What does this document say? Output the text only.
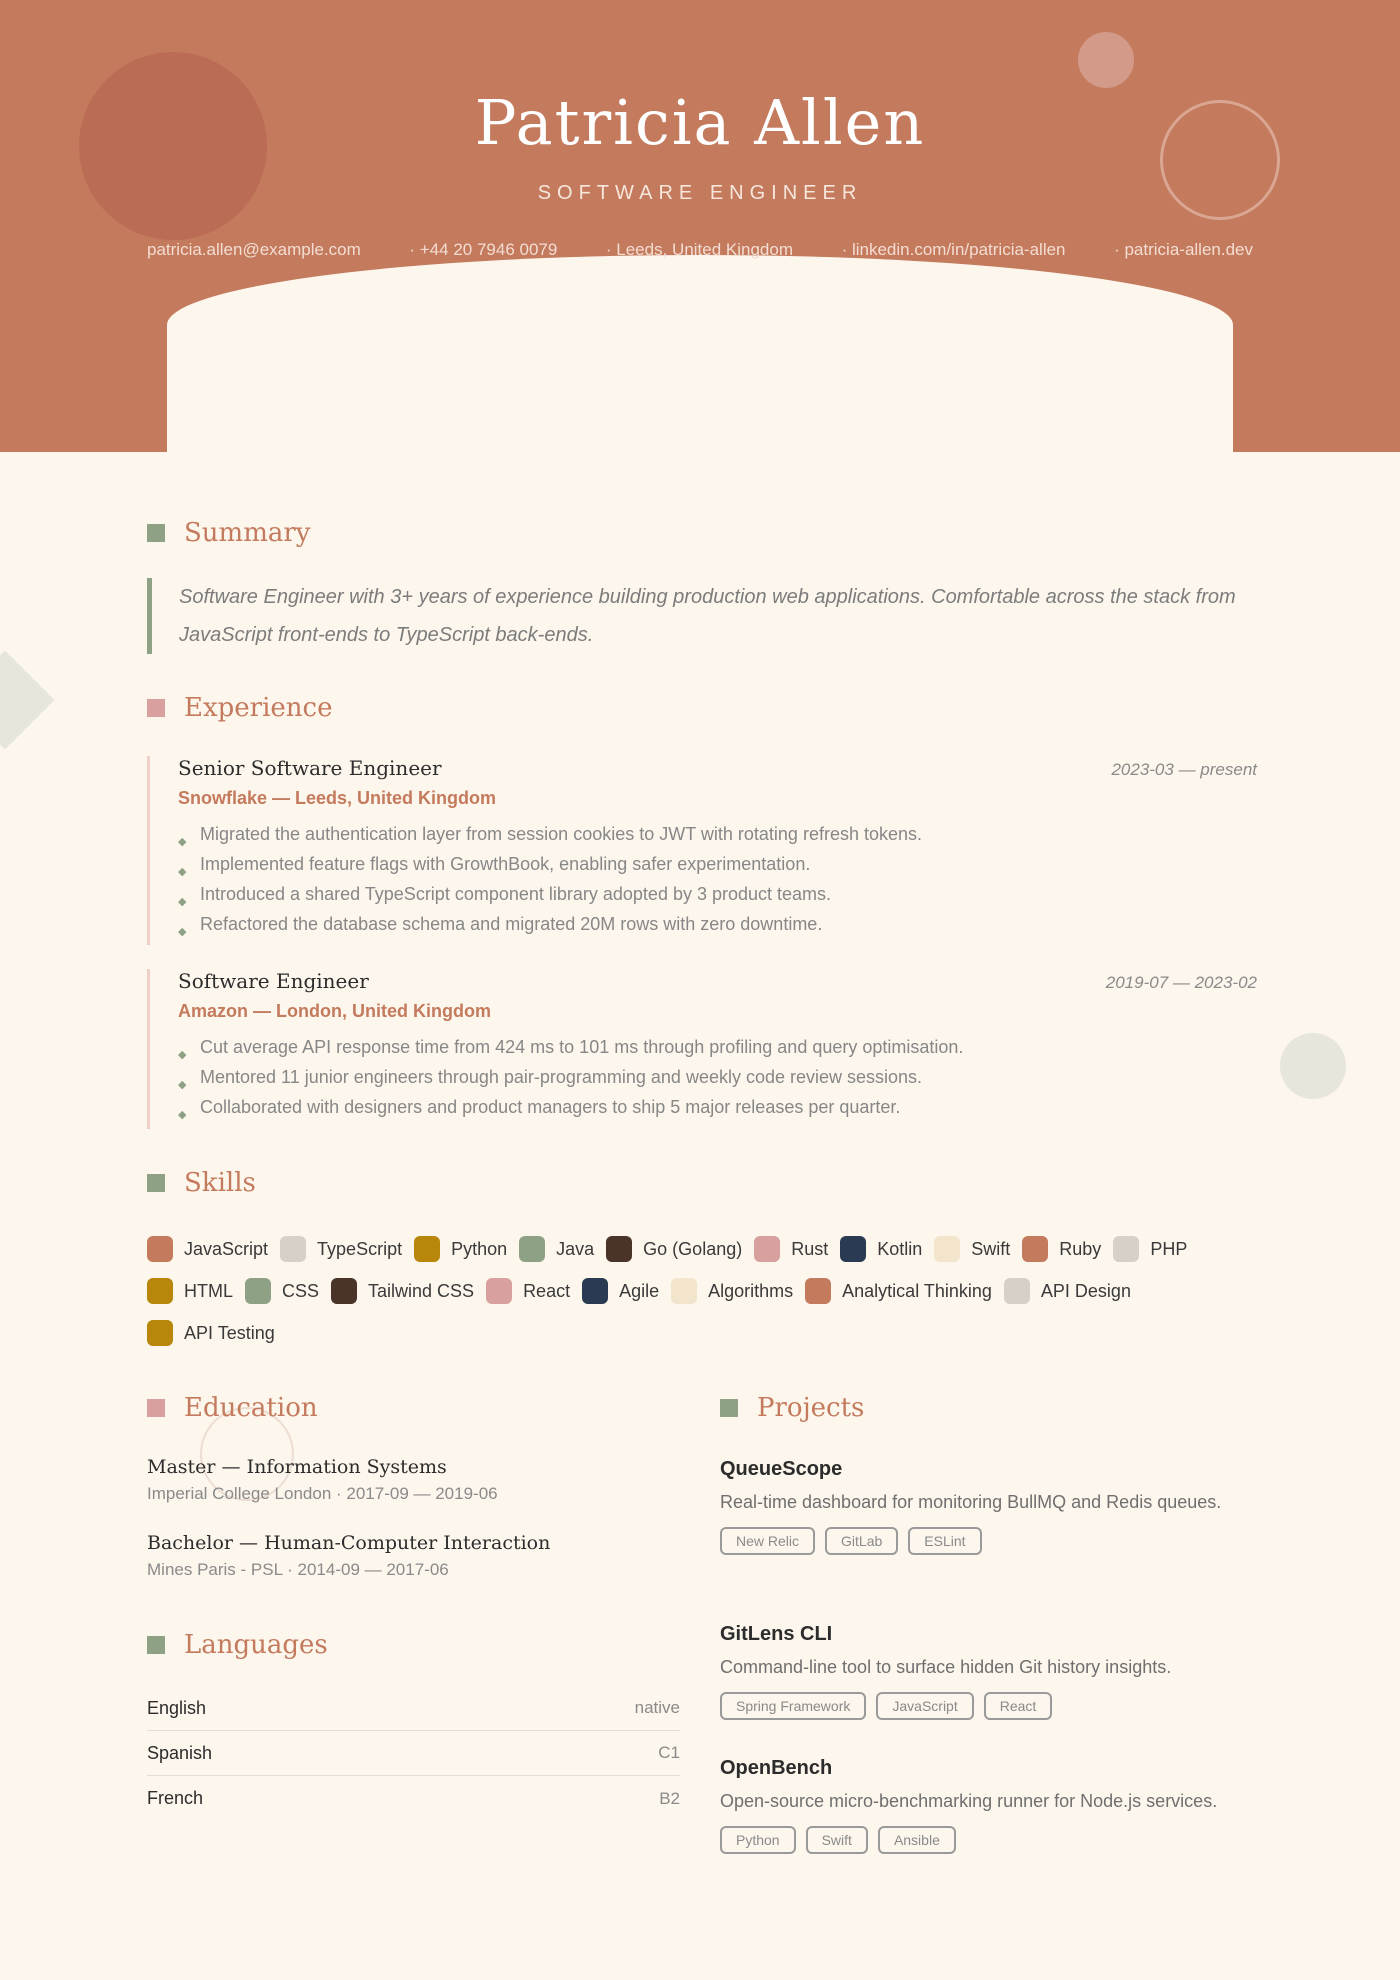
Patricia Allen
SOFTWARE ENGINEER
patricia.allen@example.com	· +44 20 7946 0079	· Leeds, United Kingdom	· linkedin.com/in/patricia-allen	· patricia-allen.dev
Summary
Software Engineer with 3+ years of experience building production web applications. Comfortable across the stack from JavaScript front-ends to TypeScript back-ends.
Experience
Senior Software Engineer	2023-03 — present
Snowflake — Leeds, United Kingdom
◆ Migrated the authentication layer from session cookies to JWT with rotating refresh tokens.
◆ Implemented feature flags with GrowthBook, enabling safer experimentation.
◆ Introduced a shared TypeScript component library adopted by 3 product teams.
◆ Refactored the database schema and migrated 20M rows with zero downtime.
Software Engineer	2019-07 — 2023-02
Amazon — London, United Kingdom
◆ Cut average API response time from 424 ms to 101 ms through profiling and query optimisation.
◆ Mentored 11 junior engineers through pair-programming and weekly code review sessions.
◆ Collaborated with designers and product managers to ship 5 major releases per quarter.
Skills
JavaScript	TypeScript	Python	Java	Go (Golang)	Rust	Kotlin	Swift	Ruby	PHP
HTML	CSS	Tailwind CSS	React	Agile	Algorithms	Analytical Thinking	API Design
API Testing
Education
Master — Information Systems
Imperial College London · 2017-09 — 2019-06
Bachelor — Human-Computer Interaction
Mines Paris - PSL · 2014-09 — 2017-06
Languages
English	native
Spanish	C1
French	B2
Projects
QueueScope
Real-time dashboard for monitoring BullMQ and Redis queues.
New Relic	GitLab	ESLint
GitLens CLI
Command-line tool to surface hidden Git history insights.
Spring Framework	JavaScript	React
OpenBench
Open-source micro-benchmarking runner for Node.js services.
Python	Swift	Ansible
